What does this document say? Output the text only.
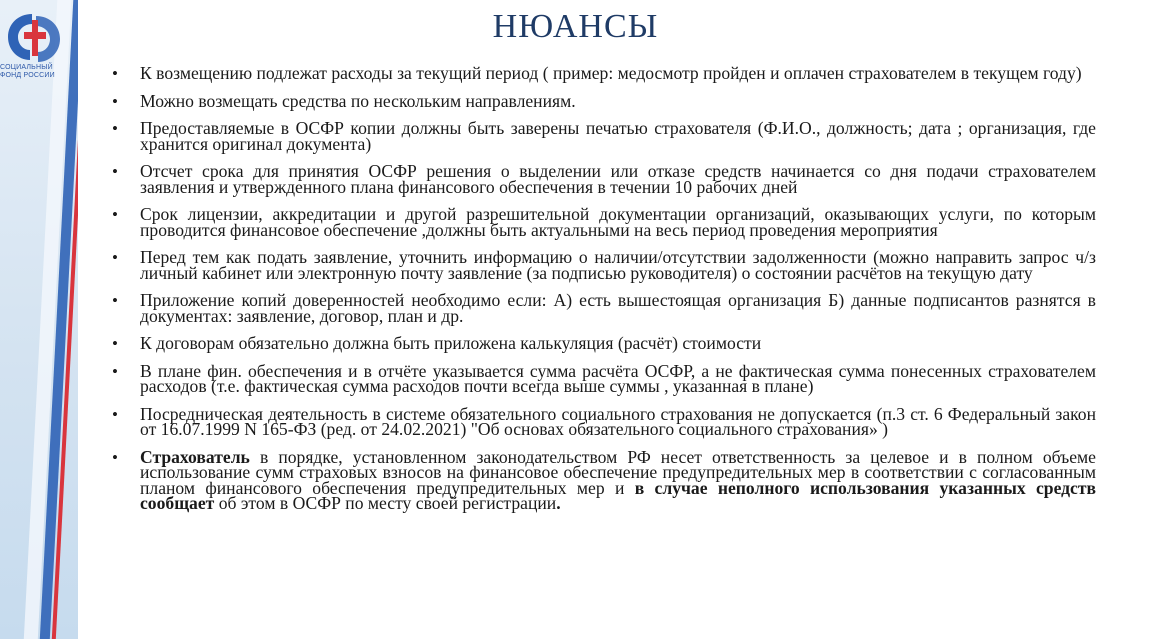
СОЦИАЛЬНЫЙ
ФОНД РОССИИ
НЮАНСЫ
• К возмещению подлежат расходы за текущий период ( пример: медосмотр пройден и оплачен страхователем в текущем году)
• Можно возмещать средства по нескольким направлениям.
• Предоставляемые в ОСФР копии должны быть заверены печатью страхователя (Ф.И.О., должность; дата ; организация, где хранится оригинал документа)
• Отсчет срока для принятия ОСФР решения о выделении или отказе средств начинается со дня подачи страхователем заявления и утвержденного плана финансового обеспечения в течении 10 рабочих дней
• Срок лицензии, аккредитации и другой разрешительной документации организаций, оказывающих услуги, по которым проводится финансовое обеспечение ,должны быть актуальными на весь период проведения мероприятия
• Перед тем как подать заявление, уточнить информацию о наличии/отсутствии задолженности (можно направить запрос ч/з личный кабинет или электронную почту заявление (за подписью руководителя) о состоянии расчётов на текущую дату
• Приложение копий доверенностей необходимо если: А) есть вышестоящая организация Б) данные подписантов разнятся в документах: заявление, договор, план и др.
• К договорам обязательно должна быть приложена калькуляция (расчёт) стоимости
• В плане фин. обеспечения и в отчёте указывается сумма расчёта ОСФР, а не фактическая сумма понесенных страхователем расходов (т.е. фактическая сумма расходов почти всегда выше суммы , указанная в плане)
• Посредническая деятельность в системе обязательного социального страхования не допускается (п.3 ст. 6 Федеральный закон от 16.07.1999 N 165-ФЗ (ред. от 24.02.2021) "Об основах обязательного социального страхования» )
• Страхователь в порядке, установленном законодательством РФ несет ответственность за целевое и в полном объеме использование сумм страховых взносов на финансовое обеспечение предупредительных мер в соответствии с согласованным планом финансового обеспечения предупредительных мер и в случае неполного использования указанных средств сообщает об этом в ОСФР по месту своей регистрации.
